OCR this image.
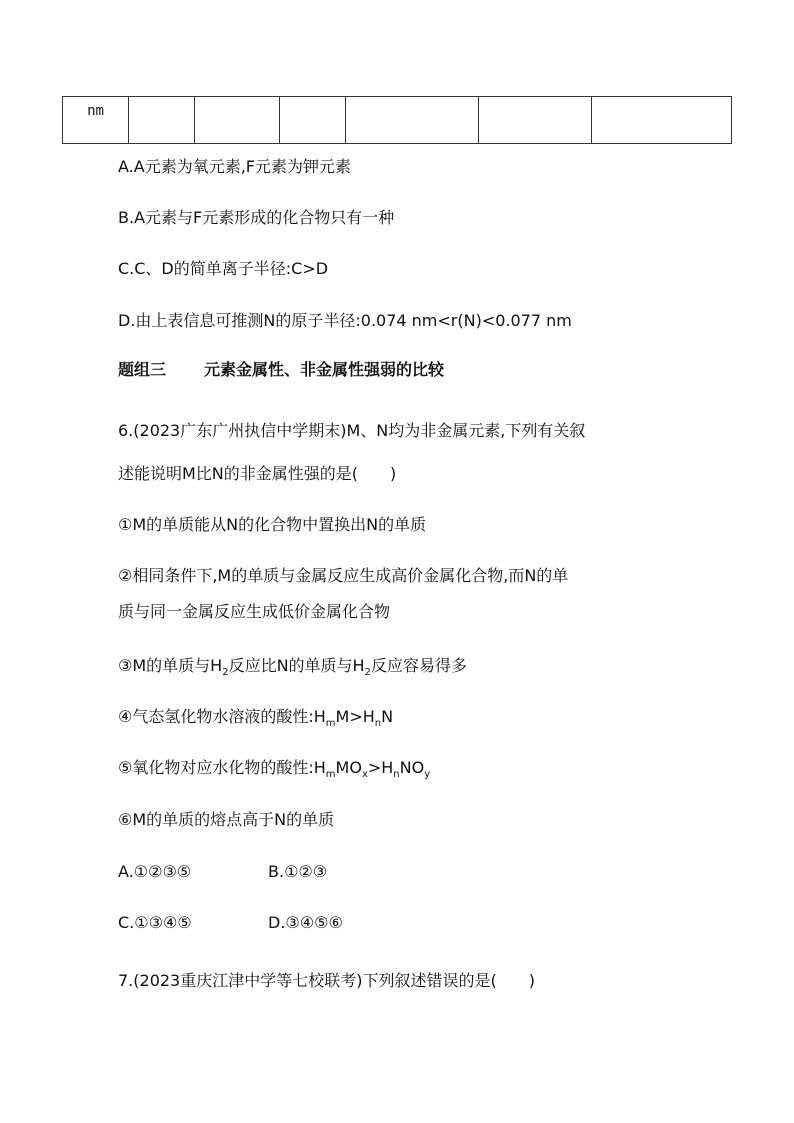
nm

A.A元素为氧元素,F元素为钾元素
B.A元素与F元素形成的化合物只有一种
C.C、D的简单离子半径:C>D
D.由上表信息可推测N的原子半径:0.074 nm<r(N)<0.077 nm
题组三 元素金属性、非金属性强弱的比较
6.(2023广东广州执信中学期末)M、N均为非金属元素,下列有关叙
述能说明M比N的非金属性强的是(　　)
①M的单质能从N的化合物中置换出N的单质
②相同条件下,M的单质与金属反应生成高价金属化合物,而N的单
质与同一金属反应生成低价金属化合物
③M的单质与$H_2$反应比N的单质与$H_2$反应容易得多
④气态氢化物水溶液的酸性$:H_mM>H_nN$
⑤氧化物对应水化物的酸性$:H_mMO_x>H_nNO_y$
⑥M的单质的熔点高于N的单质
A.①②③⑤	B.①②③
C.①③④⑤	D.③④⑤⑥
7.(2023重庆江津中学等七校联考)下列叙述错误的是(　　)
